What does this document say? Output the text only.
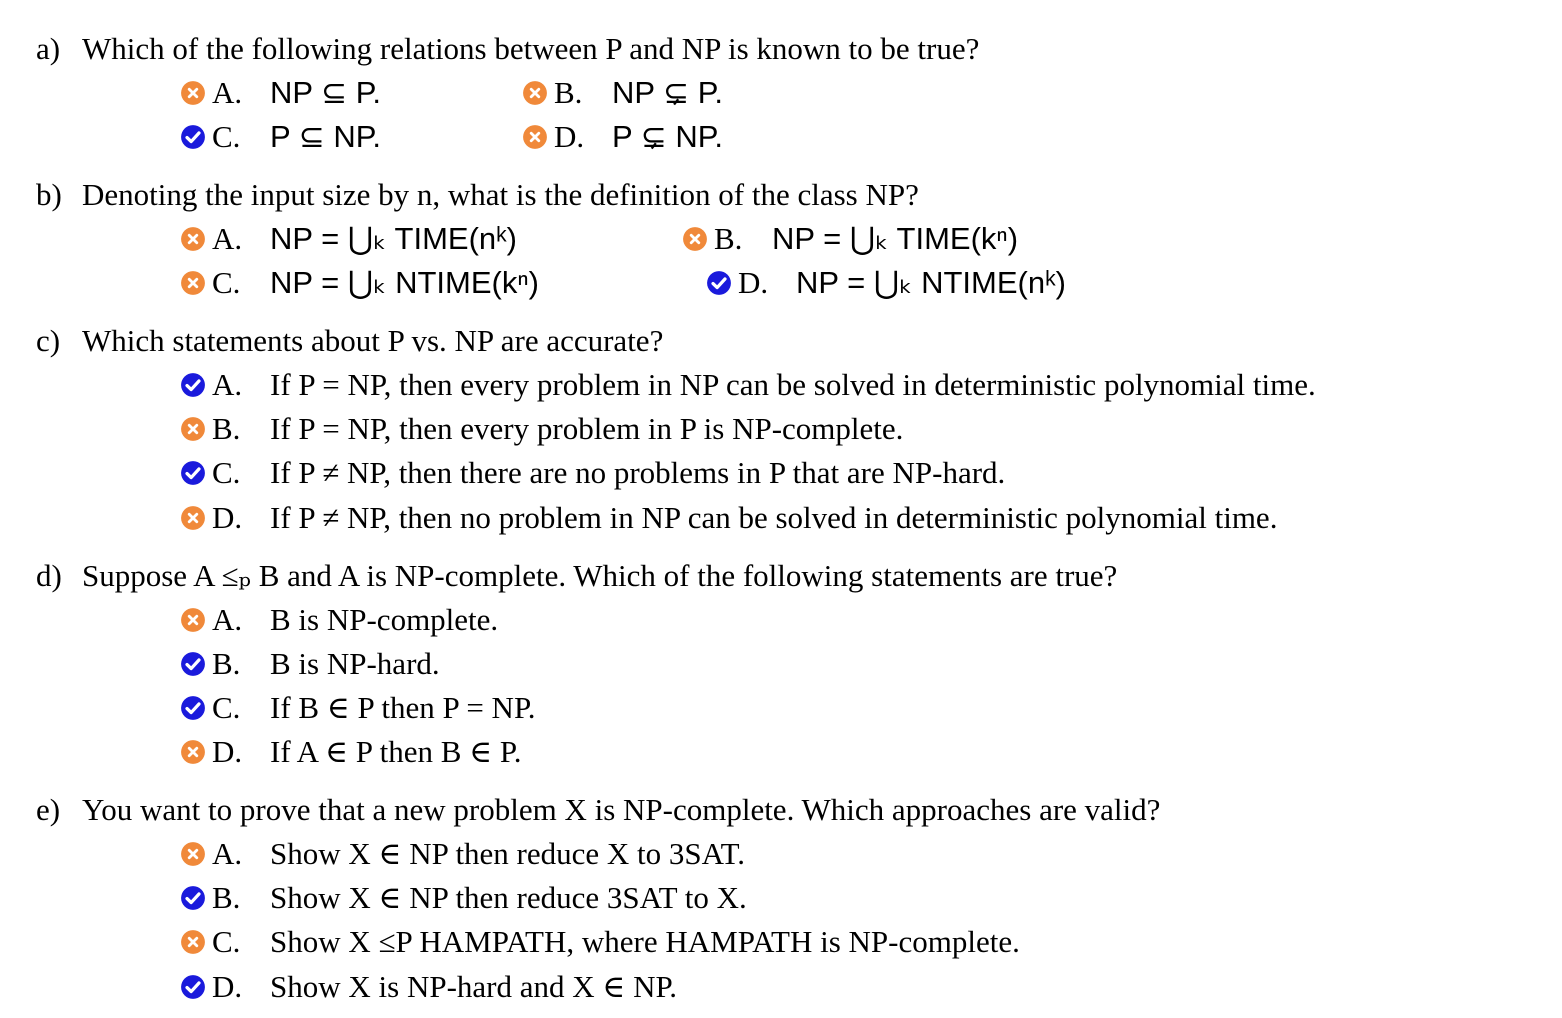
a) Which of the following relations between P and NP is known to be true?
A. NP ⊆ P.	B. NP ⊊ P.
C. P ⊆ NP.	D. P ⊊ NP.
b) Denoting the input size by n, what is the definition of the class NP?
A. NP = ⋃ₖ TIME(nᵏ)	B. NP = ⋃ₖ TIME(kⁿ)
C. NP = ⋃ₖ NTIME(kⁿ)	D. NP = ⋃ₖ NTIME(nᵏ)
c) Which statements about P vs. NP are accurate?
A. If P = NP, then every problem in NP can be solved in deterministic polynomial time.
B. If P = NP, then every problem in P is NP-complete.
C. If P ≠ NP, then there are no problems in P that are NP-hard.
D. If P ≠ NP, then no problem in NP can be solved in deterministic polynomial time.
d) Suppose A ≤ₚ B and A is NP-complete. Which of the following statements are true?
A. B is NP-complete.
B. B is NP-hard.
C. If B ∈ P then P = NP.
D. If A ∈ P then B ∈ P.
e) You want to prove that a new problem X is NP-complete. Which approaches are valid?
A. Show X ∈ NP then reduce X to 3SAT.
B. Show X ∈ NP then reduce 3SAT to X.
C. Show X ≤P HAMPATH, where HAMPATH is NP-complete.
D. Show X is NP-hard and X ∈ NP.
